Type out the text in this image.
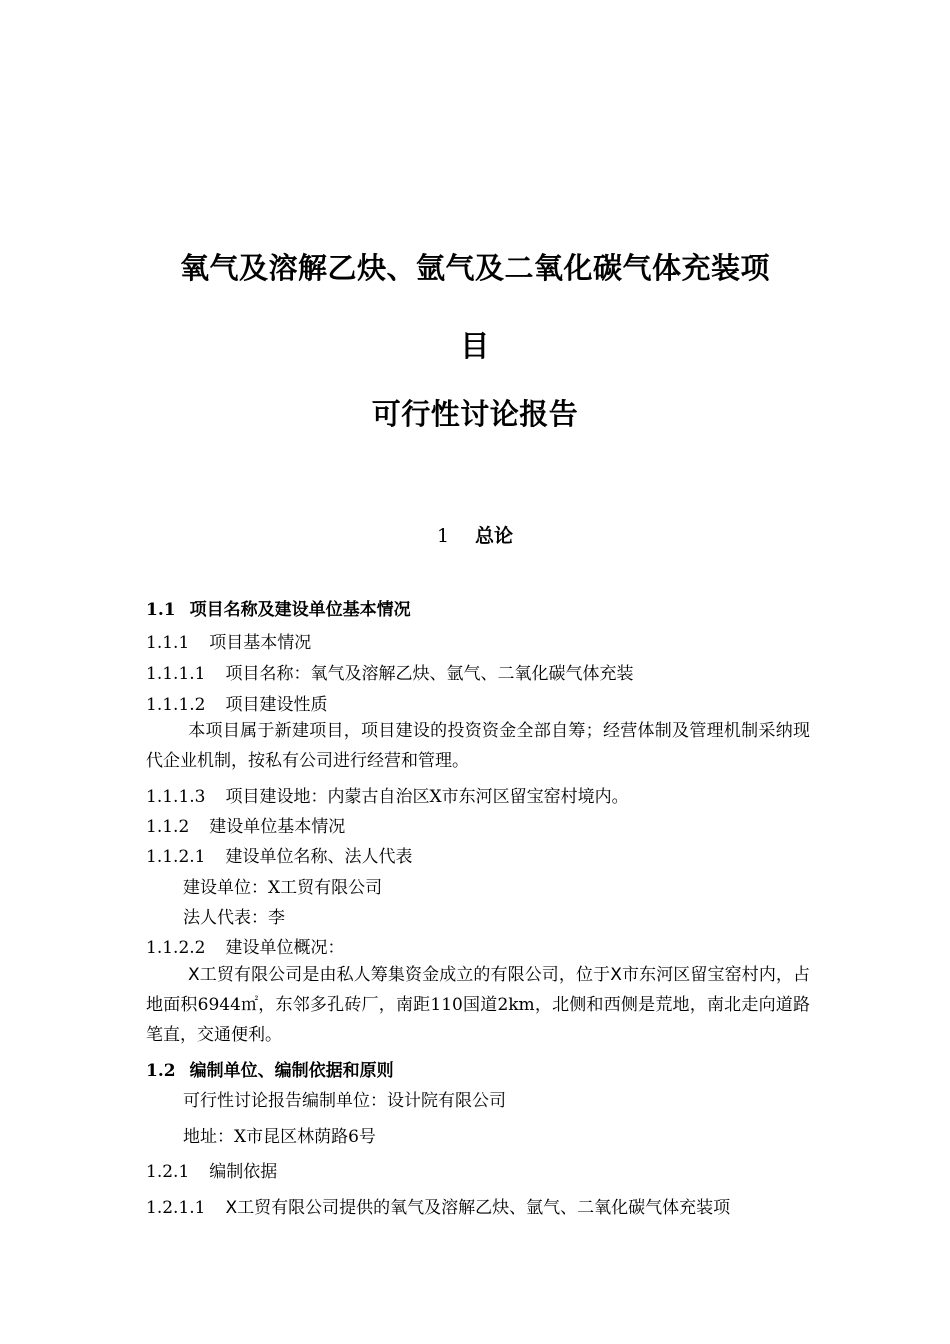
氧气及溶解乙炔、氩气及二氧化碳气体充装项
目
可行性讨论报告
1 总论
1.1 项目名称及建设单位基本情况
1.1.1 项目基本情况
1.1.1.1 项目名称：氧气及溶解乙炔、氩气、二氧化碳气体充装
1.1.1.2 项目建设性质
本项目属于新建项目，项目建设的投资资金全部自筹；经营体制及管理机制采纳现代企业机制，按私有公司进行经营和管理。
1.1.1.3 项目建设地：内蒙古自治区X市东河区留宝窑村境内。
1.1.2 建设单位基本情况
1.1.2.1 建设单位名称、法人代表
建设单位：X工贸有限公司
法人代表：李
1.1.2.2 建设单位概况：
X工贸有限公司是由私人筹集资金成立的有限公司，位于X市东河区留宝窑村内，占地面积6944㎡，东邻多孔砖厂，南距110国道2km，北侧和西侧是荒地，南北走向道路笔直，交通便利。
1.2 编制单位、编制依据和原则
可行性讨论报告编制单位：设计院有限公司
地址：X市昆区林荫路6号
1.2.1 编制依据
1.2.1.1 X工贸有限公司提供的氧气及溶解乙炔、氩气、二氧化碳气体充装项
